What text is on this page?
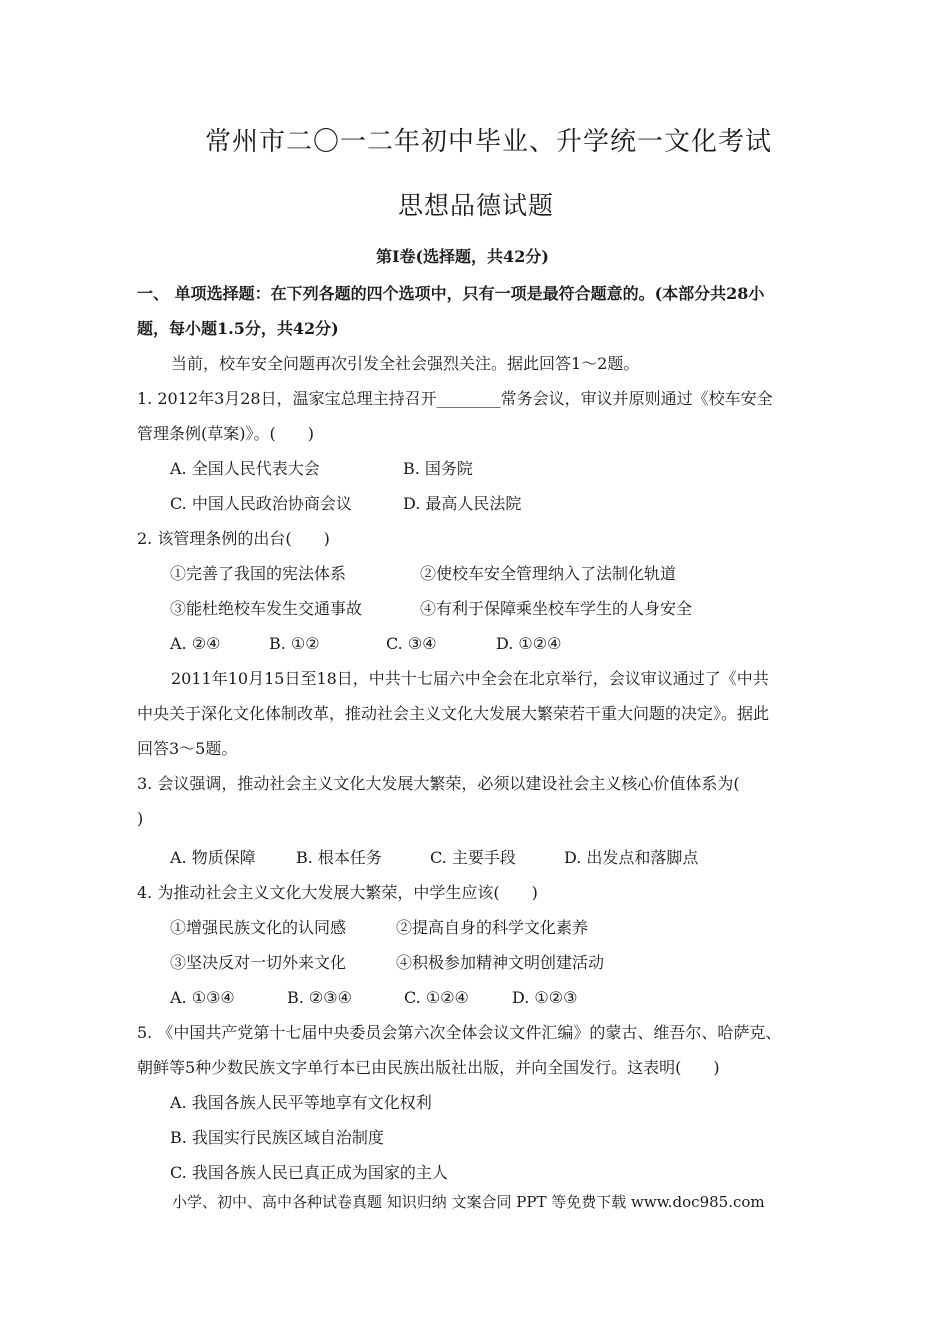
常州市二〇一二年初中毕业、升学统一文化考试
思想品德试题
第Ⅰ卷(选择题，共42分)
一、 单项选择题：在下列各题的四个选项中，只有一项是最符合题意的。(本部分共28小
题，每小题1.5分，共42分)
当前，校车安全问题再次引发全社会强烈关注。据此回答1～2题。
1. 2012年3月28日，温家宝总理主持召开________常务会议，审议并原则通过《校车安全
管理条例(草案)》。(　　)
A. 全国人民代表大会	B. 国务院
C. 中国人民政治协商会议	D. 最高人民法院
2. 该管理条例的出台(　　)
①完善了我国的宪法体系	②使校车安全管理纳入了法制化轨道
③能杜绝校车发生交通事故	④有利于保障乘坐校车学生的人身安全
A. ②④	B. ①②	C. ③④	D. ①②④
2011年10月15日至18日，中共十七届六中全会在北京举行，会议审议通过了《中共
中央关于深化文化体制改革，推动社会主义文化大发展大繁荣若干重大问题的决定》。据此
回答3～5题。
3. 会议强调，推动社会主义文化大发展大繁荣，必须以建设社会主义核心价值体系为(
)
A. 物质保障	B. 根本任务	C. 主要手段	D. 出发点和落脚点
4. 为推动社会主义文化大发展大繁荣，中学生应该(　　)
①增强民族文化的认同感	②提高自身的科学文化素养
③坚决反对一切外来文化	④积极参加精神文明创建活动
A. ①③④	B. ②③④	C. ①②④	D. ①②③
5. 《中国共产党第十七届中央委员会第六次全体会议文件汇编》的蒙古、维吾尔、哈萨克、
朝鲜等5种少数民族文字单行本已由民族出版社出版，并向全国发行。这表明(　　)
A. 我国各族人民平等地享有文化权利
B. 我国实行民族区域自治制度
C. 我国各族人民已真正成为国家的主人
小学、初中、高中各种试卷真题 知识归纳 文案合同 PPT 等免费下载 www.doc985.com
